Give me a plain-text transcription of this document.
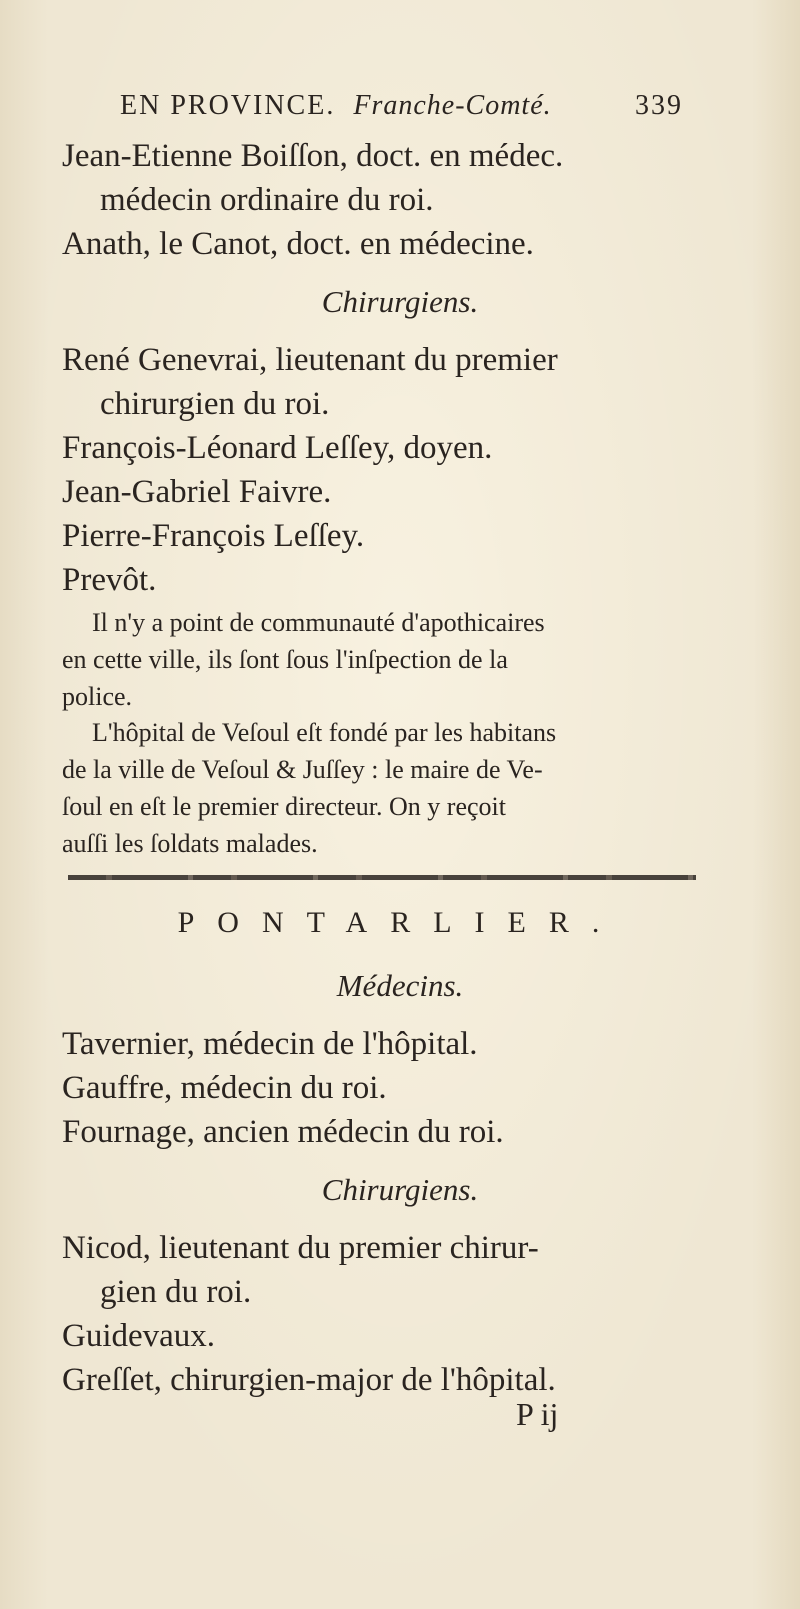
EN PROVINCE. Franche-Comté.	339
Jean-Etienne Boiſſon, doct. en médec.
médecin ordinaire du roi.
Anath, le Canot, doct. en médecine.
Chirurgiens.
René Genevrai, lieutenant du premier
chirurgien du roi.
François-Léonard Leſſey, doyen.
Jean-Gabriel Faivre.
Pierre-François Leſſey.
Prevôt.
Il n'y a point de communauté d'apothicaires
en cette ville, ils ſont ſous l'inſpection de la
police.
L'hôpital de Veſoul eſt fondé par les habitans
de la ville de Veſoul & Juſſey : le maire de Ve-
ſoul en eſt le premier directeur. On y reçoit
auſſi les ſoldats malades.
PONTARLIER.
Médecins.
Tavernier, médecin de l'hôpital.
Gauffre, médecin du roi.
Fournage, ancien médecin du roi.
Chirurgiens.
Nicod, lieutenant du premier chirur-
gien du roi.
Guidevaux.
Greſſet, chirurgien-major de l'hôpital.
P ij
